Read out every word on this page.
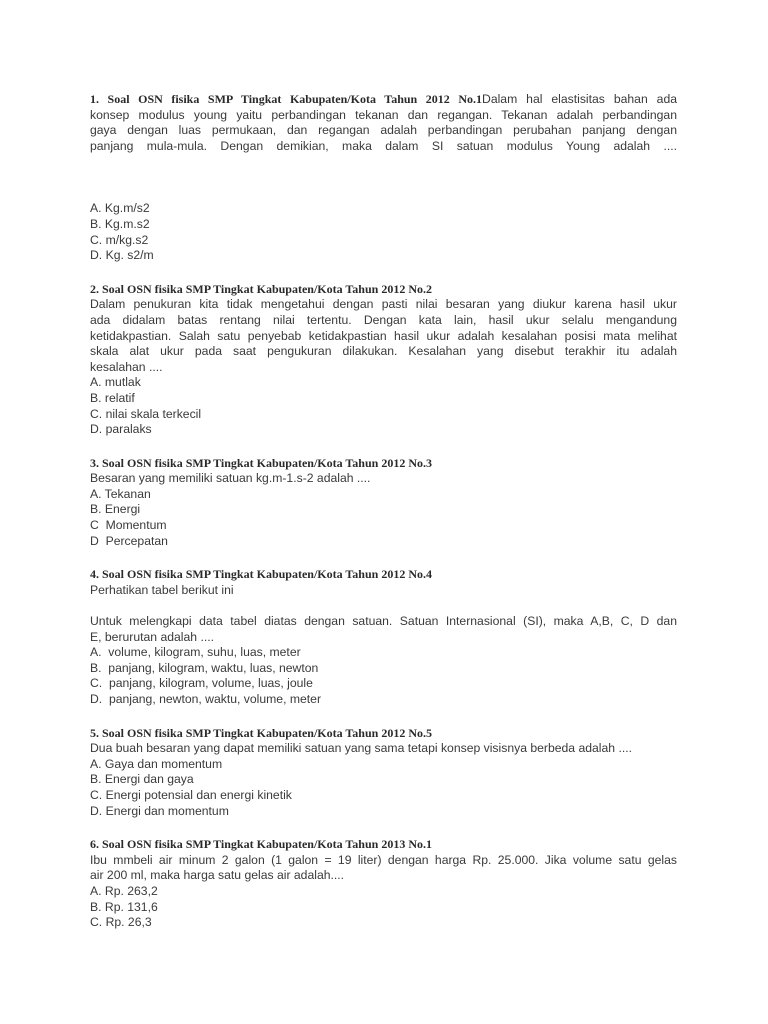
1. Soal OSN fisika SMP Tingkat Kabupaten/Kota Tahun 2012 No.1Dalam hal elastisitas bahan ada

konsep modulus young yaitu perbandingan tekanan dan regangan. Tekanan adalah perbandingan

gaya dengan luas permukaan, dan regangan adalah perbandingan perubahan panjang dengan

panjang mula-mula. Dengan demikian, maka dalam SI satuan modulus Young adalah ....

A. Kg.m/s2

B. Kg.m.s2

C. m/kg.s2

D. Kg. s2/m

2. Soal OSN fisika SMP Tingkat Kabupaten/Kota Tahun 2012 No.2

Dalam penukuran kita tidak mengetahui dengan pasti nilai besaran yang diukur karena hasil ukur

ada didalam batas rentang nilai tertentu. Dengan kata lain, hasil ukur selalu mengandung

ketidakpastian. Salah satu penyebab ketidakpastian hasil ukur adalah kesalahan posisi mata melihat

skala alat ukur pada saat pengukuran dilakukan. Kesalahan yang disebut terakhir itu adalah

kesalahan ....

A. mutlak

B. relatif

C. nilai skala terkecil

D. paralaks

3. Soal OSN fisika SMP Tingkat Kabupaten/Kota Tahun 2012 No.3

Besaran yang memiliki satuan kg.m-1.s-2 adalah ....

A. Tekanan

B. Energi

C  Momentum

D  Percepatan

4. Soal OSN fisika SMP Tingkat Kabupaten/Kota Tahun 2012 No.4

Perhatikan tabel berikut ini

Untuk melengkapi data tabel diatas dengan satuan. Satuan Internasional (SI), maka A,B, C, D dan

E, berurutan adalah ....

A.  volume, kilogram, suhu, luas, meter

B.  panjang, kilogram, waktu, luas, newton

C.  panjang, kilogram, volume, luas, joule

D.  panjang, newton, waktu, volume, meter

5. Soal OSN fisika SMP Tingkat Kabupaten/Kota Tahun 2012 No.5

Dua buah besaran yang dapat memiliki satuan yang sama tetapi konsep visisnya berbeda adalah ....

A. Gaya dan momentum

B. Energi dan gaya

C. Energi potensial dan energi kinetik

D. Energi dan momentum

6. Soal OSN fisika SMP Tingkat Kabupaten/Kota Tahun 2013 No.1

Ibu mmbeli air minum 2 galon (1 galon = 19 liter) dengan harga Rp. 25.000. Jika volume satu gelas

air 200 ml, maka harga satu gelas air adalah....

A. Rp. 263,2

B. Rp. 131,6

C. Rp. 26,3
